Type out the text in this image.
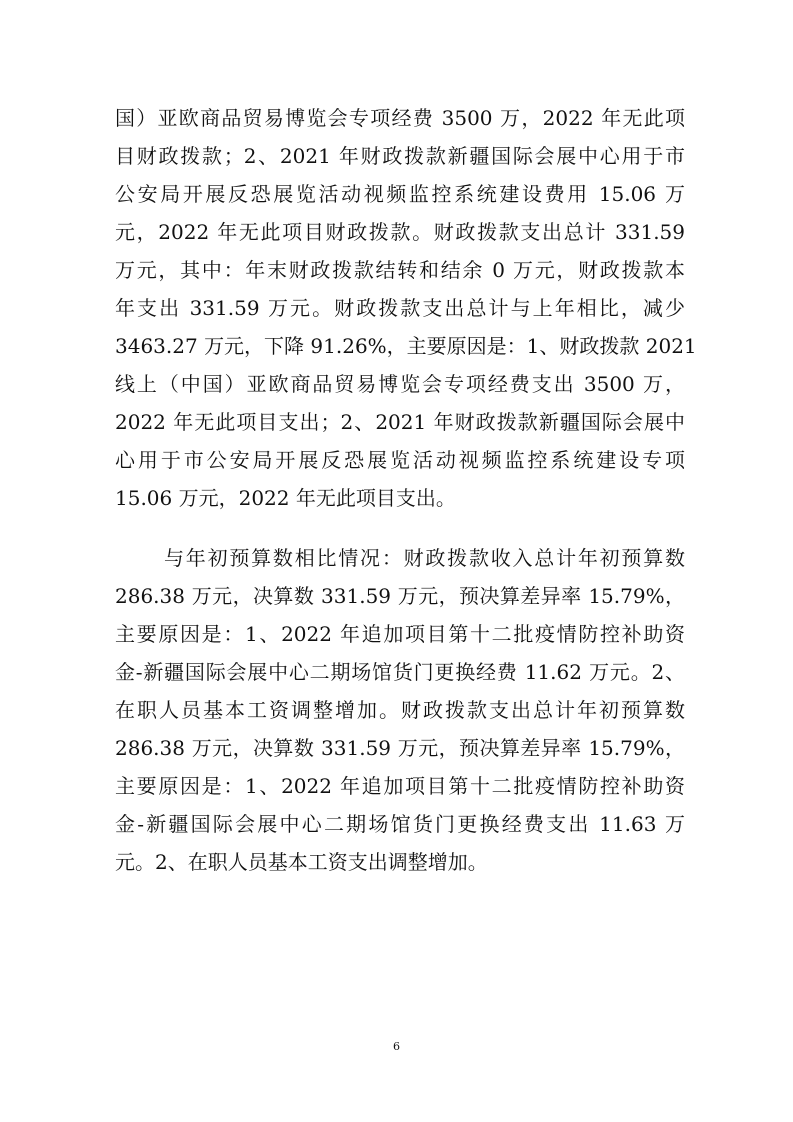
国）亚欧商品贸易博览会专项经费 3500 万，2022 年无此项
目财政拨款；2、2021 年财政拨款新疆国际会展中心用于市
公安局开展反恐展览活动视频监控系统建设费用 15.06 万
元，2022 年无此项目财政拨款。财政拨款支出总计 331.59
万元，其中：年末财政拨款结转和结余 0 万元，财政拨款本
年支出 331.59 万元。财政拨款支出总计与上年相比，减少
3463.27 万元，下降 91.26%，主要原因是：1、财政拨款 2021
线上（中国）亚欧商品贸易博览会专项经费支出 3500 万，
2022 年无此项目支出；2、2021 年财政拨款新疆国际会展中
心用于市公安局开展反恐展览活动视频监控系统建设专项
15.06 万元，2022 年无此项目支出。
与年初预算数相比情况：财政拨款收入总计年初预算数
286.38 万元，决算数 331.59 万元，预决算差异率 15.79%，
主要原因是：1、2022 年追加项目第十二批疫情防控补助资
金-新疆国际会展中心二期场馆货门更换经费 11.62 万元。2、
在职人员基本工资调整增加。财政拨款支出总计年初预算数
286.38 万元，决算数 331.59 万元，预决算差异率 15.79%，
主要原因是：1、2022 年追加项目第十二批疫情防控补助资
金-新疆国际会展中心二期场馆货门更换经费支出 11.63 万
元。2、在职人员基本工资支出调整增加。
6
